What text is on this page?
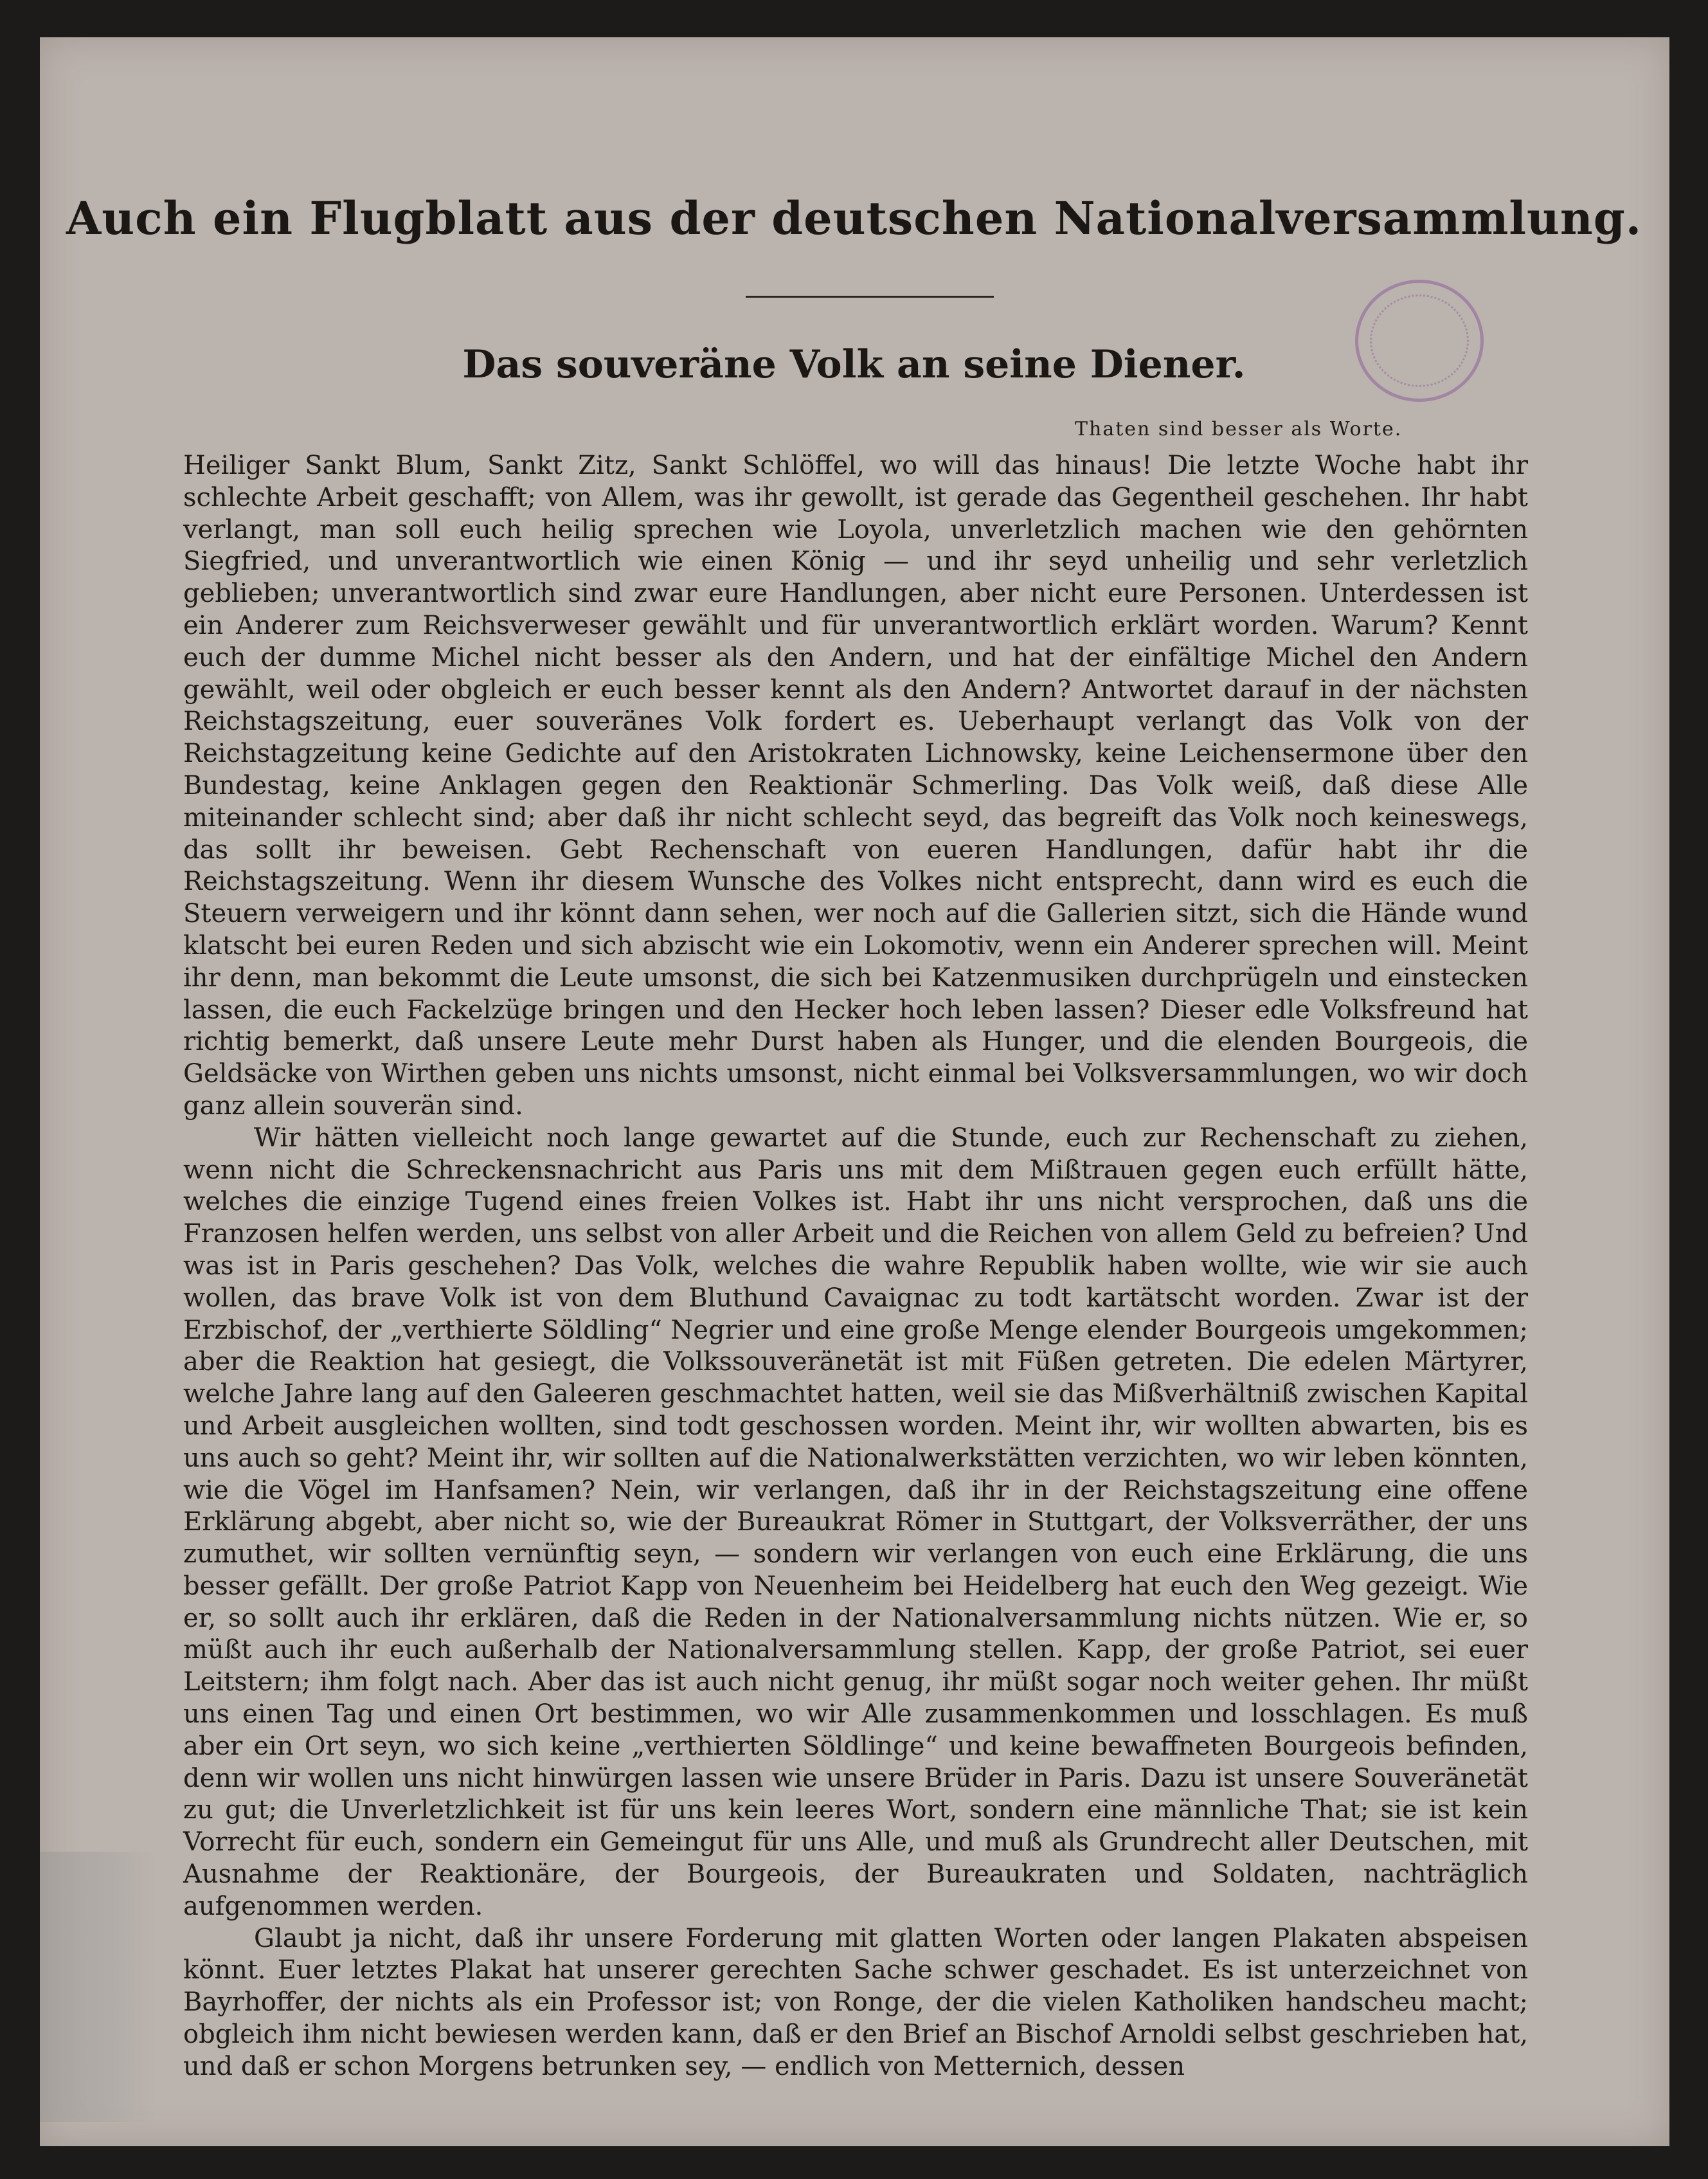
Auch ein Flugblatt aus der deutschen Nationalversammlung.
Das souveräne Volk an seine Diener.
Thaten sind besser als Worte.

Heiliger Sankt Blum, Sankt Zitz, Sankt Schlöffel, wo will das hinaus! Die letzte Woche habt ihr schlechte Arbeit geschafft; von Allem, was ihr gewollt, ist gerade das Gegentheil geschehen. Ihr habt verlangt, man soll euch heilig sprechen wie Loyola, unverletzlich machen wie den gehörnten Siegfried, und unverantwortlich wie einen König — und ihr seyd unheilig und sehr verletzlich geblieben; unverantwortlich sind zwar eure Handlungen, aber nicht eure Personen. Unterdessen ist ein Anderer zum Reichsverweser gewählt und für unverantwortlich erklärt worden. Warum? Kennt euch der dumme Michel nicht besser als den Andern, und hat der einfältige Michel den Andern gewählt, weil oder obgleich er euch besser kennt als den Andern? Antwortet darauf in der nächsten Reichstagszeitung, euer souveränes Volk fordert es. Ueberhaupt verlangt das Volk von der Reichstagzeitung keine Gedichte auf den Aristokraten Lichnowsky, keine Leichensermone über den Bundestag, keine Anklagen gegen den Reaktionär Schmerling. Das Volk weiß, daß diese Alle miteinander schlecht sind; aber daß ihr nicht schlecht seyd, das begreift das Volk noch keineswegs, das sollt ihr beweisen. Gebt Rechenschaft von eueren Handlungen, dafür habt ihr die Reichstagszeitung. Wenn ihr diesem Wunsche des Volkes nicht entsprecht, dann wird es euch die Steuern verweigern und ihr könnt dann sehen, wer noch auf die Gallerien sitzt, sich die Hände wund klatscht bei euren Reden und sich abzischt wie ein Lokomotiv, wenn ein Anderer sprechen will. Meint ihr denn, man bekommt die Leute umsonst, die sich bei Katzenmusiken durchprügeln und einstecken lassen, die euch Fackelzüge bringen und den Hecker hoch leben lassen? Dieser edle Volksfreund hat richtig bemerkt, daß unsere Leute mehr Durst haben als Hunger, und die elenden Bourgeois, die Geldsäcke von Wirthen geben uns nichts umsonst, nicht einmal bei Volksversammlungen, wo wir doch ganz allein souverän sind.

Wir hätten vielleicht noch lange gewartet auf die Stunde, euch zur Rechenschaft zu ziehen, wenn nicht die Schreckensnachricht aus Paris uns mit dem Mißtrauen gegen euch erfüllt hätte, welches die einzige Tugend eines freien Volkes ist. Habt ihr uns nicht versprochen, daß uns die Franzosen helfen werden, uns selbst von aller Arbeit und die Reichen von allem Geld zu befreien? Und was ist in Paris geschehen? Das Volk, welches die wahre Republik haben wollte, wie wir sie auch wollen, das brave Volk ist von dem Bluthund Cavaignac zu todt kartätscht worden. Zwar ist der Erzbischof, der „verthierte Söldling“ Negrier und eine große Menge elender Bourgeois umgekommen; aber die Reaktion hat gesiegt, die Volkssouveränetät ist mit Füßen getreten. Die edelen Märtyrer, welche Jahre lang auf den Galeeren geschmachtet hatten, weil sie das Mißverhältniß zwischen Kapital und Arbeit ausgleichen wollten, sind todt geschossen worden. Meint ihr, wir wollten abwarten, bis es uns auch so geht? Meint ihr, wir sollten auf die Nationalwerkstätten verzichten, wo wir leben könnten, wie die Vögel im Hanfsamen? Nein, wir verlangen, daß ihr in der Reichstagszeitung eine offene Erklärung abgebt, aber nicht so, wie der Bureaukrat Römer in Stuttgart, der Volksverräther, der uns zumuthet, wir sollten vernünftig seyn, — sondern wir verlangen von euch eine Erklärung, die uns besser gefällt. Der große Patriot Kapp von Neuenheim bei Heidelberg hat euch den Weg gezeigt. Wie er, so sollt auch ihr erklären, daß die Reden in der Nationalversammlung nichts nützen. Wie er, so müßt auch ihr euch außerhalb der Nationalversammlung stellen. Kapp, der große Patriot, sei euer Leitstern; ihm folgt nach. Aber das ist auch nicht genug, ihr müßt sogar noch weiter gehen. Ihr müßt uns einen Tag und einen Ort bestimmen, wo wir Alle zusammenkommen und losschlagen. Es muß aber ein Ort seyn, wo sich keine „verthierten Söldlinge“ und keine bewaffneten Bourgeois befinden, denn wir wollen uns nicht hinwürgen lassen wie unsere Brüder in Paris. Dazu ist unsere Souveränetät zu gut; die Unverletzlichkeit ist für uns kein leeres Wort, sondern eine männliche That; sie ist kein Vorrecht für euch, sondern ein Gemeingut für uns Alle, und muß als Grundrecht aller Deutschen, mit Ausnahme der Reaktionäre, der Bourgeois, der Bureaukraten und Soldaten, nachträglich aufgenommen werden.

Glaubt ja nicht, daß ihr unsere Forderung mit glatten Worten oder langen Plakaten abspeisen könnt. Euer letztes Plakat hat unserer gerechten Sache schwer geschadet. Es ist unterzeichnet von Bayrhoffer, der nichts als ein Professor ist; von Ronge, der die vielen Katholiken handscheu macht; obgleich ihm nicht bewiesen werden kann, daß er den Brief an Bischof Arnoldi selbst geschrieben hat, und daß er schon Morgens betrunken sey, — endlich von Metternich, dessen
